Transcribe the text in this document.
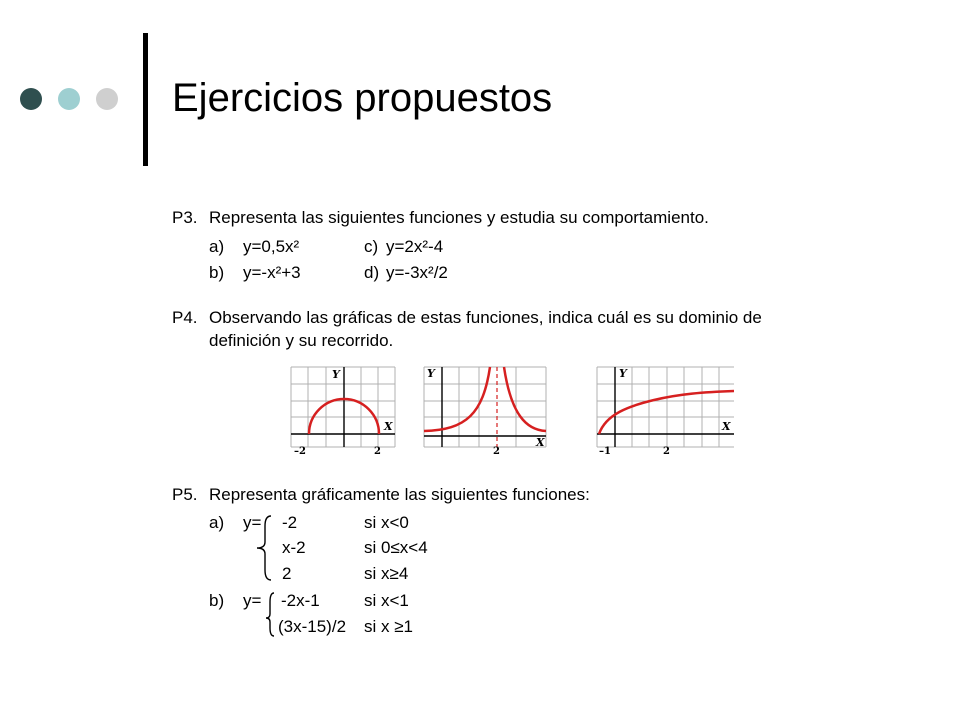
Ejercicios propuestos
P3. Representa las siguientes funciones y estudia su comportamiento.
a) y=0,5x²	c) y=2x²-4
b) y=-x²+3	d) y=-3x²/2
P4. Observando las gráficas de estas funciones, indica cuál es su dominio de
definición y su recorrido.
Y
X
–2	2
Y
X
2
Y
X
–1	2
P5. Representa gráficamente las siguientes funciones:
a) y= -2	si x<0
x-2	si 0≤x<4
2	si x≥4
b) y= -2x-1	si x<1
(3x-15)/2 si x ≥1
